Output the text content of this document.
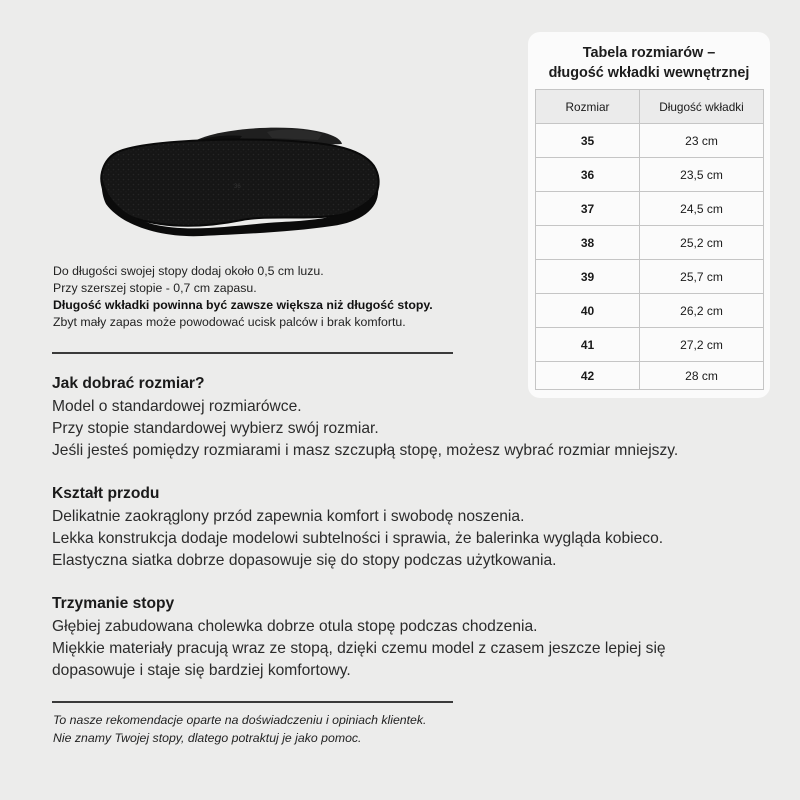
36
Do długości swojej stopy dodaj około 0,5 cm luzu.
Przy szerszej stopie - 0,7 cm zapasu.
Długość wkładki powinna być zawsze większa niż długość stopy.
Zbyt mały zapas może powodować ucisk palców i brak komfortu.
Jak dobrać rozmiar?
Model o standardowej rozmiarówce.
Przy stopie standardowej wybierz swój rozmiar.
Jeśli jesteś pomiędzy rozmiarami i masz szczupłą stopę, możesz wybrać rozmiar mniejszy.
Kształt przodu
Delikatnie zaokrąglony przód zapewnia komfort i swobodę noszenia.
Lekka konstrukcja dodaje modelowi subtelności i sprawia, że balerinka wygląda kobieco.
Elastyczna siatka dobrze dopasowuje się do stopy podczas użytkowania.
Trzymanie stopy
Głębiej zabudowana cholewka dobrze otula stopę podczas chodzenia.
Miękkie materiały pracują wraz ze stopą, dzięki czemu model z czasem jeszcze lepiej się
dopasowuje i staje się bardziej komfortowy.
To nasze rekomendacje oparte na doświadczeniu i opiniach klientek.
Nie znamy Twojej stopy, dlatego potraktuj je jako pomoc.
Tabela rozmiarów –
długość wkładki wewnętrznej
Rozmiar	Długość wkładki
35	23 cm
36	23,5 cm
37	24,5 cm
38	25,2 cm
39	25,7 cm
40	26,2 cm
41	27,2 cm
42	28 cm
